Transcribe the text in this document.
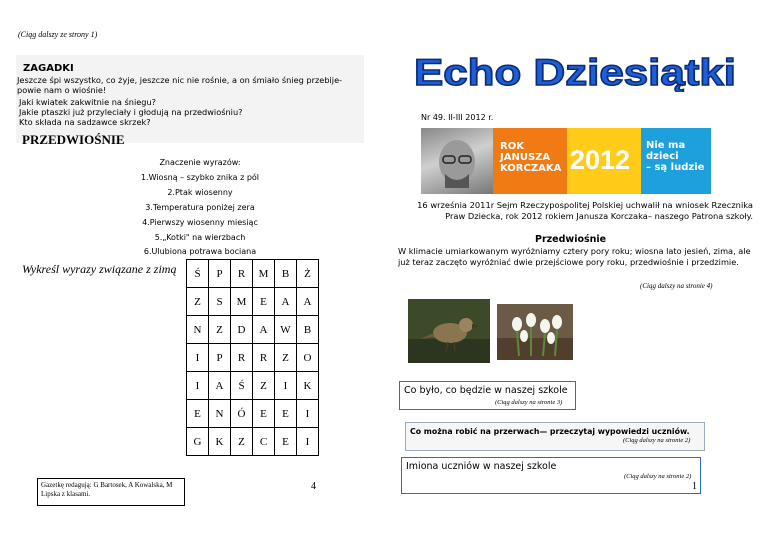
(Ciąg dalszy ze strony 1)
ZAGADKI
Jeszcze śpi wszystko, co żyje, jeszcze nic nie rośnie, a on śmiało śnieg przebije- powie nam o wiośnie!
Jaki kwiatek zakwitnie na śniegu?
Jakie ptaszki już przyleciały i głodują na przedwiośniu?
Kto składa na sadzawce skrzek?
PRZEDWIOŚNIE
Znaczenie wyrazów:
1.Wiosną – szybko znika z pól
2.Ptak wiosenny
3.Temperatura poniżej zera
4.Pierwszy wiosenny miesiąc
5.„Kotki" na wierzbach
6.Ulubiona potrawa bociana
Wykreśl wyrazy związane z zimą Ś	P	R	M	B	Ż
Z	S	M	E	A	A
N	Z	D	A	W	B
I	P	R	R	Z	O
I	A	Ś	Z	I	K
E	N	Ó	E	E	I
G	K	Z	C	E	I
Gazetkę redagują: G Bartosek, A Kowalska, M Lipska z klasami.
4
Echo Dziesiątki
Nr 49. II-III 2012 r.
ROK
JANUSZA
KORCZAKA 2012 Nie ma
dzieci
– są ludzie
16 września 2011r Sejm Rzeczypospolitej Polskiej uchwalił na wniosek Rzecznika Praw Dziecka, rok 2012 rokiem Janusza Korczaka– naszego Patrona szkoły.
Przedwiośnie
W klimacie umiarkowanym wyróżniamy cztery pory roku; wiosna lato jesień, zima, ale już teraz zaczęto wyróżniać dwie przejściowe pory roku, przedwiośnie i przedzimie.
(Ciąg dalszy na stronie 4)
Co było, co będzie w naszej szkole
(Ciąg dalszy na stronie 3)
Co można robić na przerwach— przeczytaj wypowiedzi uczniów.
(Ciąg dalszy na stronie 2)
Imiona uczniów w naszej szkole
(Ciąg dalszy na stronie 2)
1
